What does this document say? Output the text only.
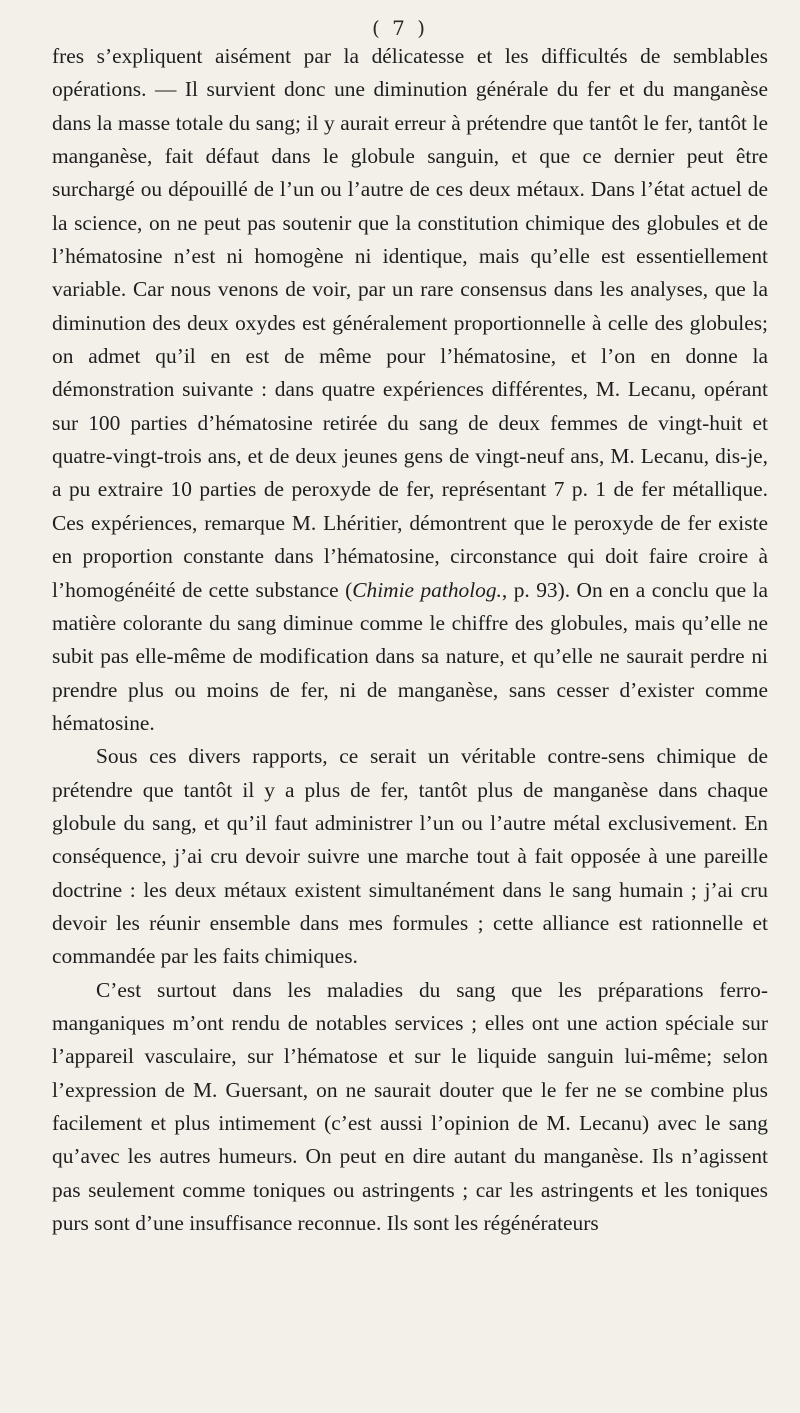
( 7 )

fres s’expliquent aisément par la délicatesse et les difficultés de semblables opérations. — Il survient donc une diminution générale du fer et du manganèse dans la masse totale du sang; il y aurait erreur à prétendre que tantôt le fer, tantôt le manganèse, fait défaut dans le globule sanguin, et que ce dernier peut être surchargé ou dépouillé de l’un ou l’autre de ces deux métaux. Dans l’état actuel de la science, on ne peut pas soutenir que la constitution chimique des globules et de l’hématosine n’est ni homogène ni identique, mais qu’elle est essentiellement variable. Car nous venons de voir, par un rare consensus dans les analyses, que la diminution des deux oxydes est généralement proportionnelle à celle des globules; on admet qu’il en est de même pour l’hématosine, et l’on en donne la démonstration suivante : dans quatre expériences différentes, M. Lecanu, opérant sur 100 parties d’hématosine retirée du sang de deux femmes de vingt-huit et quatre-vingt-trois ans, et de deux jeunes gens de vingt-neuf ans, M. Lecanu, dis-je, a pu extraire 10 parties de peroxyde de fer, représentant 7 p. 1 de fer métallique. Ces expériences, remarque M. Lhéritier, démontrent que le peroxyde de fer existe en proportion constante dans l’hématosine, circonstance qui doit faire croire à l’homogénéité de cette substance (Chimie patholog., p. 93). On en a conclu que la matière colorante du sang diminue comme le chiffre des globules, mais qu’elle ne subit pas elle-même de modification dans sa nature, et qu’elle ne saurait perdre ni prendre plus ou moins de fer, ni de manganèse, sans cesser d’exister comme hématosine.

Sous ces divers rapports, ce serait un véritable contre-sens chimique de prétendre que tantôt il y a plus de fer, tantôt plus de manganèse dans chaque globule du sang, et qu’il faut administrer l’un ou l’autre métal exclusivement. En conséquence, j’ai cru devoir suivre une marche tout à fait opposée à une pareille doctrine : les deux métaux existent simultanément dans le sang humain ; j’ai cru devoir les réunir ensemble dans mes formules ; cette alliance est rationnelle et commandée par les faits chimiques.

C’est surtout dans les maladies du sang que les préparations ferro-manganiques m’ont rendu de notables services ; elles ont une action spéciale sur l’appareil vasculaire, sur l’hématose et sur le liquide sanguin lui-même; selon l’expression de M. Guersant, on ne saurait douter que le fer ne se combine plus facilement et plus intimement (c’est aussi l’opinion de M. Lecanu) avec le sang qu’avec les autres humeurs. On peut en dire autant du manganèse. Ils n’agissent pas seulement comme toniques ou astringents ; car les astringents et les toniques purs sont d’une insuffisance reconnue. Ils sont les régénérateurs
